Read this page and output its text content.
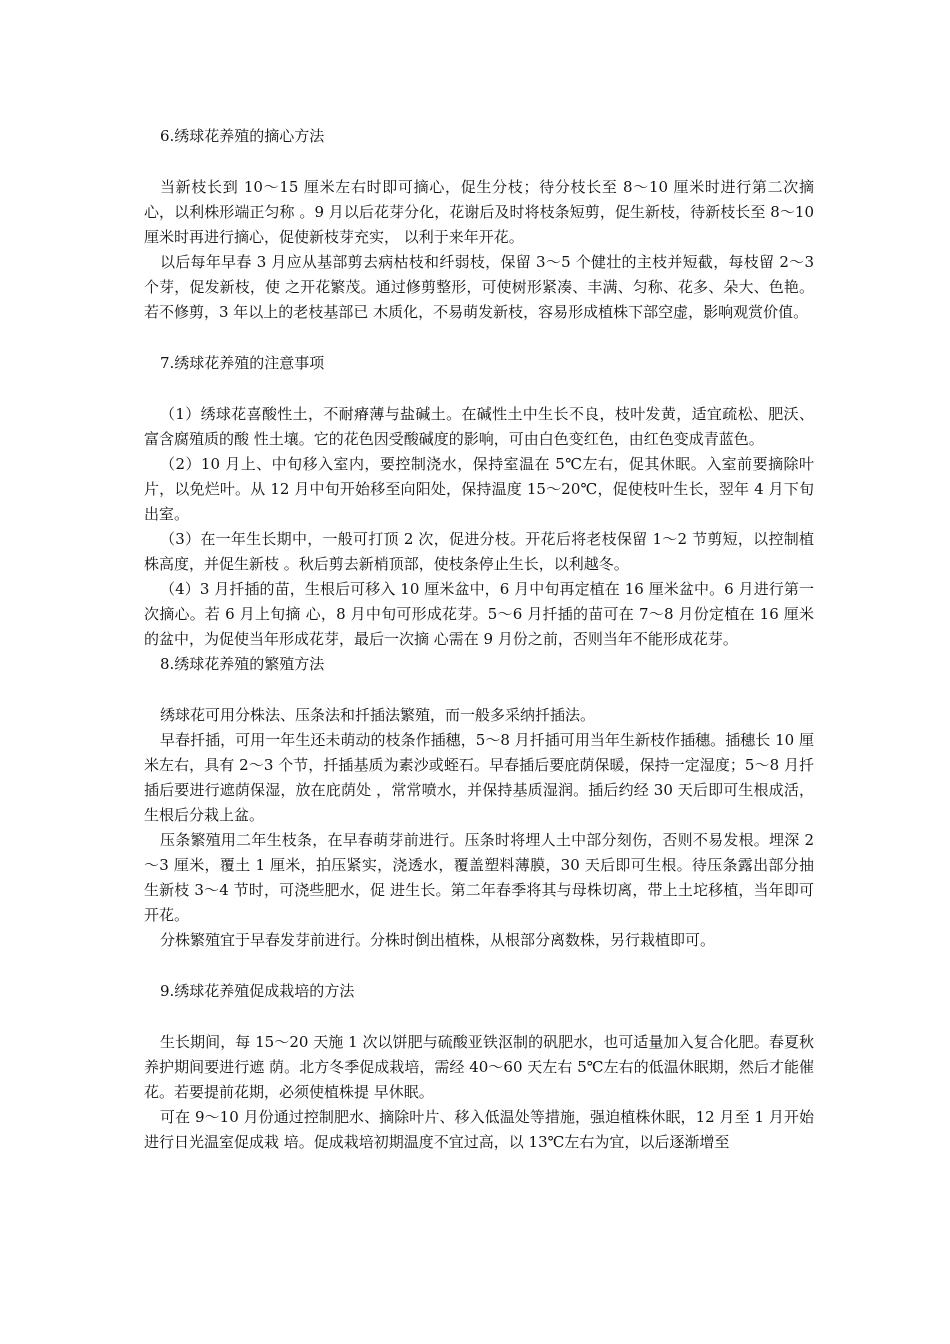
6.绣球花养殖的摘心方法

当新枝长到 10～15 厘米左右时即可摘心，促生分枝；待分枝长至 8～10 厘米时进行第二次摘心，以利株形端正匀称 。9 月以后花芽分化，花谢后及时将枝条短剪，促生新枝，待新枝长至 8～10 厘米时再进行摘心，促使新枝芽充实， 以利于来年开花。

以后每年早春 3 月应从基部剪去病枯枝和纤弱枝，保留 3～5 个健壮的主枝并短截，每枝留 2～3 个芽，促发新枝，使 之开花繁茂。通过修剪整形，可使树形紧凑、丰满、匀称、花多、朵大、色艳。若不修剪，3 年以上的老枝基部已 木质化，不易萌发新枝，容易形成植株下部空虚，影响观赏价值。

7.绣球花养殖的注意事项

（1）绣球花喜酸性土，不耐瘠薄与盐碱土。在碱性土中生长不良，枝叶发黄，适宜疏松、肥沃、富含腐殖质的酸 性土壤。它的花色因受酸碱度的影响，可由白色变红色，由红色变成青蓝色。

（2）10 月上、中旬移入室内，要控制浇水，保持室温在 5℃左右，促其休眠。入室前要摘除叶片，以免烂叶。从 12 月中旬开始移至向阳处，保持温度 15～20℃，促使枝叶生长，翌年 4 月下旬出室。

（3）在一年生长期中，一般可打顶 2 次，促进分枝。开花后将老枝保留 1～2 节剪短，以控制植株高度，并促生新枝 。秋后剪去新梢顶部，使枝条停止生长，以利越冬。

（4）3 月扦插的苗，生根后可移入 10 厘米盆中，6 月中旬再定植在 16 厘米盆中。6 月进行第一次摘心。若 6 月上旬摘 心，8 月中旬可形成花芽。5～6 月扦插的苗可在 7～8 月份定植在 16 厘米的盆中，为促使当年形成花芽，最后一次摘 心需在 9 月份之前，否则当年不能形成花芽。

8.绣球花养殖的繁殖方法

绣球花可用分株法、压条法和扦插法繁殖，而一般多采纳扦插法。

早春扦插，可用一年生还未萌动的枝条作插穗，5～8 月扦插可用当年生新枝作插穗。插穗长 10 厘米左右，具有 2～3 个节，扦插基质为素沙或蛭石。早春插后要庇荫保暖，保持一定湿度；5～8 月扦插后要进行遮荫保湿，放在庇荫处 ，常常喷水，并保持基质湿润。插后约经 30 天后即可生根成活，生根后分栽上盆。

压条繁殖用二年生枝条，在早春萌芽前进行。压条时将埋人土中部分刻伤，否则不易发根。埋深 2～3 厘米，覆土 1 厘米，拍压紧实，浇透水，覆盖塑料薄膜，30 天后即可生根。待压条露出部分抽生新枝 3～4 节时，可浇些肥水，促 进生长。第二年春季将其与母株切离，带上土坨移植，当年即可开花。

分株繁殖宜于早春发芽前进行。分株时倒出植株，从根部分离数株，另行栽植即可。

9.绣球花养殖促成栽培的方法

生长期间，每 15～20 天施 1 次以饼肥与硫酸亚铁沤制的矾肥水，也可适量加入复合化肥。春夏秋养护期间要进行遮 荫。北方冬季促成栽培，需经 40～60 天左右 5℃左右的低温休眠期，然后才能催花。若要提前花期，必须使植株提 早休眠。

可在 9～10 月份通过控制肥水、摘除叶片、移入低温处等措施，强迫植株休眠，12 月至 1 月开始进行日光温室促成栽 培。促成栽培初期温度不宜过高，以 13℃左右为宜，以后逐渐增至
